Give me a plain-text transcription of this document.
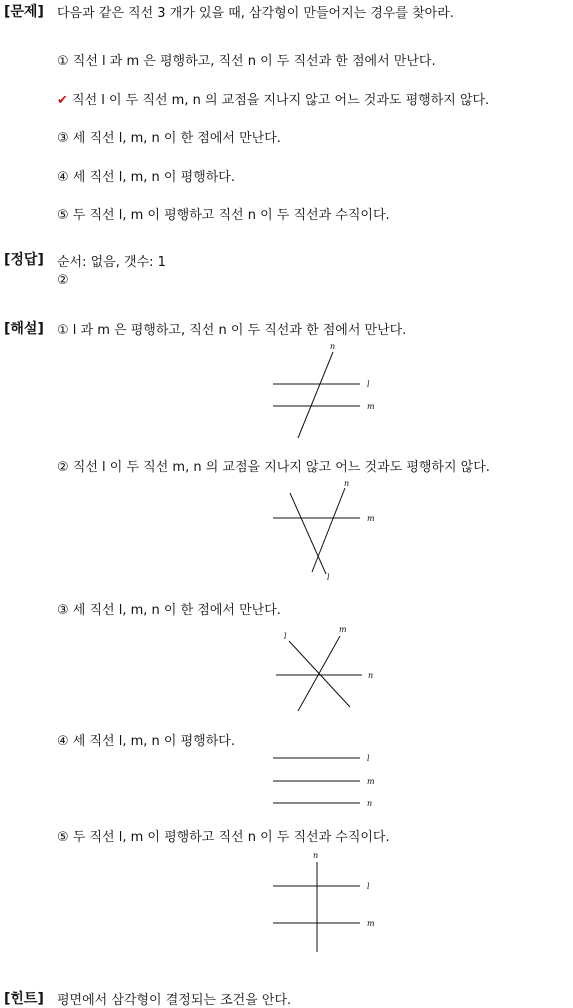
[문제] 다음과 같은 직선 3 개가 있을 때, 삼각형이 만들어지는 경우를 찾아라.
① 직선 l 과 m 은 평행하고, 직선 n 이 두 직선과 한 점에서 만난다.
✔ 직선 l 이 두 직선 m, n 의 교점을 지나지 않고 어느 것과도 평행하지 않다.
③ 세 직선 l, m, n 이 한 점에서 만난다.
④ 세 직선 l, m, n 이 평행하다.
⑤ 두 직선 l, m 이 평행하고 직선 n 이 두 직선과 수직이다.
[정답] 순서: 없음, 갯수: 1
②
[해설] ① l 과 m 은 평행하고, 직선 n 이 두 직선과 한 점에서 만난다.
n
l
m
② 직선 l 이 두 직선 m, n 의 교점을 지나지 않고 어느 것과도 평행하지 않다.
n
m
l
③ 세 직선 l, m, n 이 한 점에서 만난다.
l
m
n
④ 세 직선 l, m, n 이 평행하다.
l
m
n
⑤ 두 직선 l, m 이 평행하고 직선 n 이 두 직선과 수직이다.
n
l
m
[힌트] 평면에서 삼각형이 결정되는 조건을 안다.
